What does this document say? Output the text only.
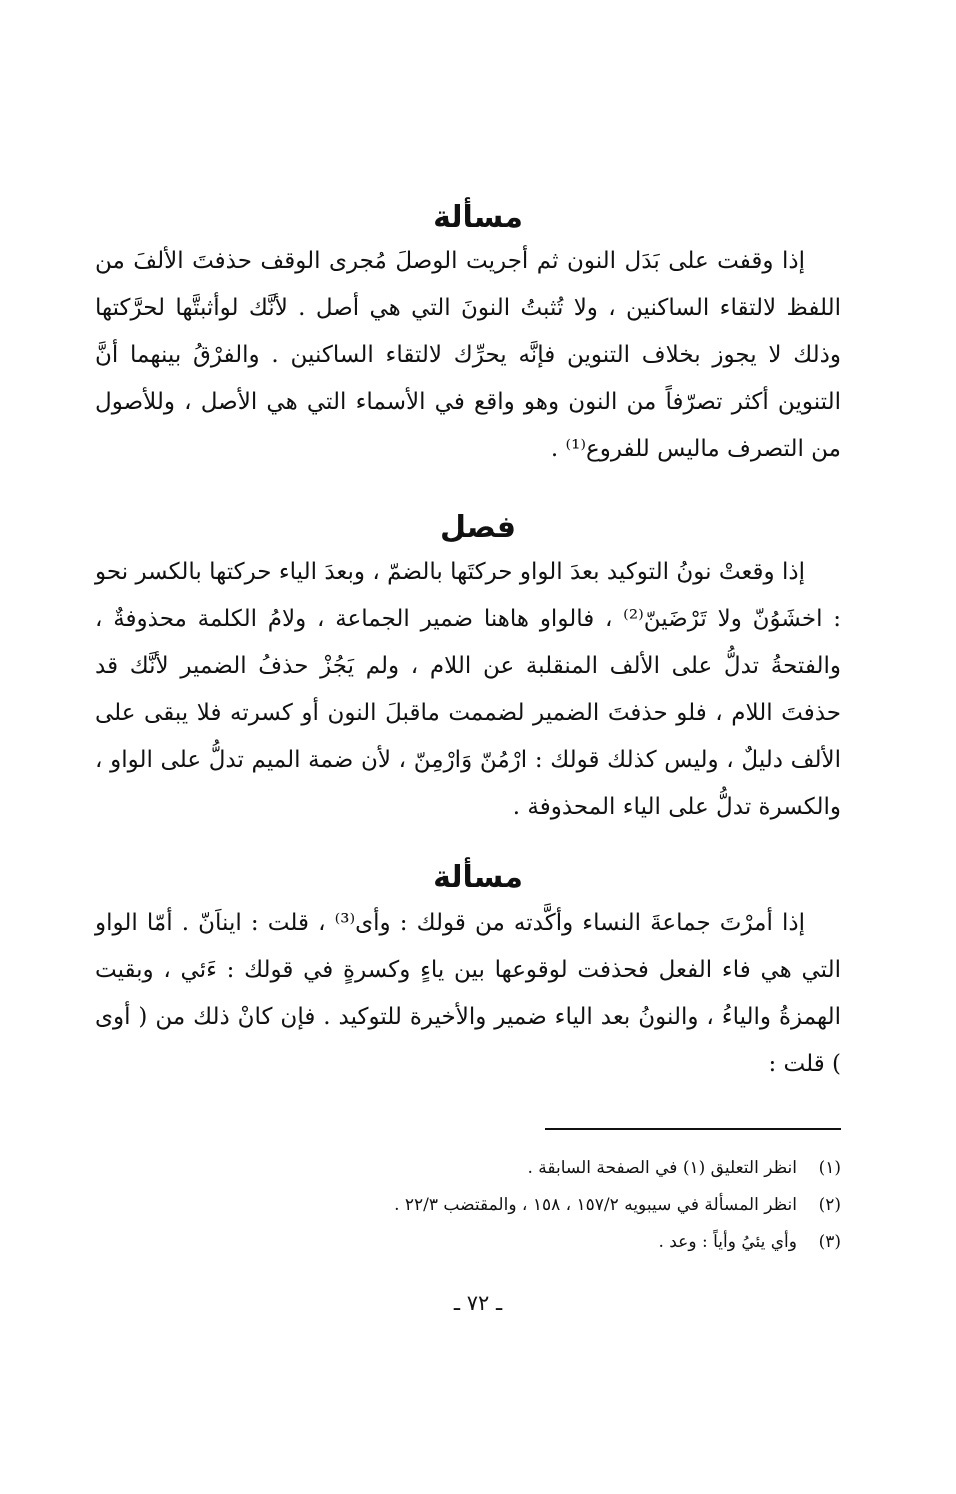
مسألة

إذا وقفت على بَدَل النون ثم أجريت الوصلَ مُجرى الوقف حذفتَ الألفَ من اللفظ لالتقاء الساكنين ، ولا تُثبتُ النونَ التي هي أصل . لأنَّك لوأثبتَّها لحرَّكتها وذلك لا يجوز بخلاف التنوين فإنَّه يحرِّك لالتقاء الساكنين . والفرْقُ بينهما أنَّ التنوين أكثر تصرّفاً من النون وهو واقع في الأسماء التي هي الأصل ، وللأصول من التصرف ماليس للفروع⁽¹⁾ .

فصل

إذا وقعتْ نونُ التوكيد بعدَ الواو حركتَها بالضمّ ، وبعدَ الياء حركتها بالكسر نحو : اخشَوُنّ ولا تَرْضَينّ⁽²⁾ ، فالواو هاهنا ضمير الجماعة ، ولامُ الكلمة محذوفةٌ ، والفتحةُ تدلُّ على الألف المنقلبة عن اللام ، ولم يَجُزْ حذفُ الضمير لأنَّك قد حذفتَ اللام ، فلو حذفتَ الضمير لضممت ماقبلَ النون أو كسرته فلا يبقى على الألف دليلٌ ، وليس كذلك قولك : ارْمُنّ وَارْمِنّ ، لأن ضمة الميم تدلُّ على الواو ، والكسرة تدلُّ على الياء المحذوفة .

مسألة

إذا أمرْتَ جماعةَ النساء وأكَّدته من قولك : وأى⁽³⁾ ، قلت : ايناَنّ . أمّا الواو التي هي فاء الفعل فحذفت لوقوعها بين ياءٍ وكسرةٍ في قولك : ءَئي ، وبقيت الهمزةُ والياءُ ، والنونُ بعد الياء ضمير والأخيرة للتوكيد . فإن كانْ ذلك من ( أوى ) قلت :

(١)انظر التعليق (١) في الصفحة السابقة .
(٢)انظر المسألة في سيبويه ١٥٧/٢ ، ١٥٨ ، والمقتضب ٢٢/٣ .
(٣)وأي يئيُ وأياً : وعد .
ـ ٧٢ ـ
